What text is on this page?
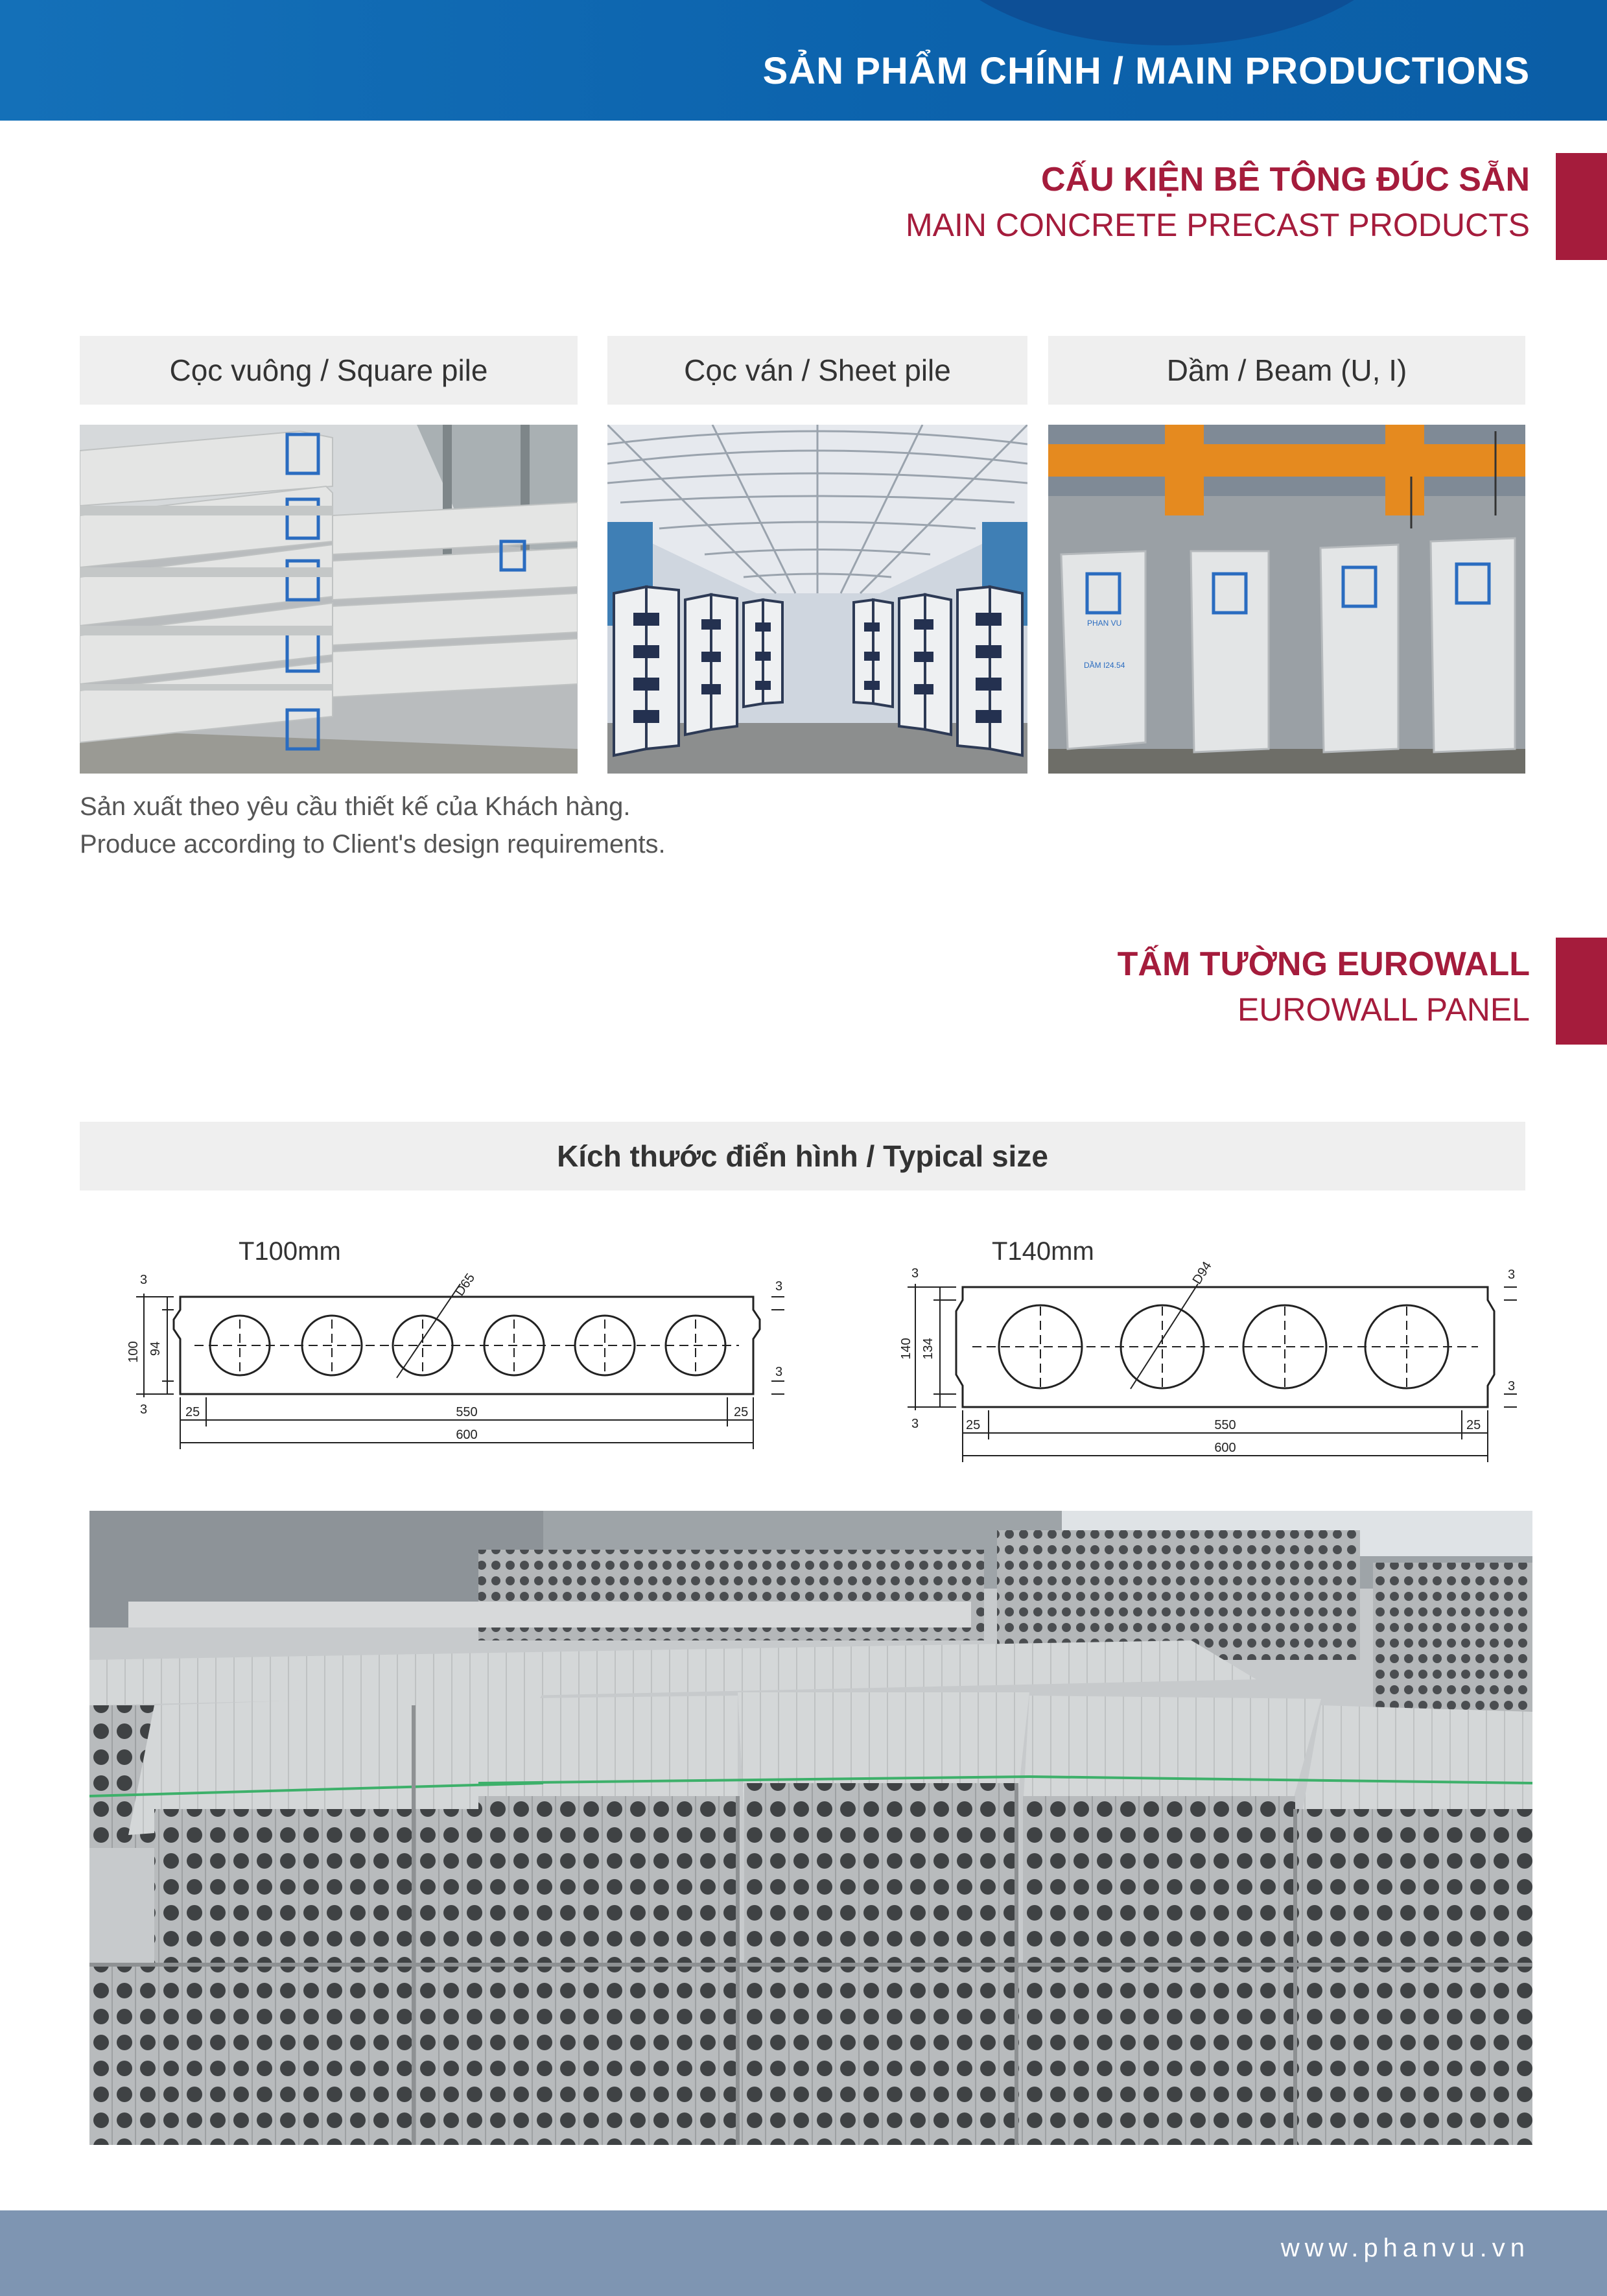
SẢN PHẨM CHÍNH / MAIN PRODUCTIONS
CẤU KIỆN BÊ TÔNG ĐÚC SẴN
MAIN CONCRETE PRECAST PRODUCTS
Cọc vuông / Square pile	Cọc ván / Sheet pile	Dầm / Beam (U, I)
PHAN VU
DẦM I24.54
Sản xuất theo yêu cầu thiết kế của Khách hàng.
Produce according to Client's design requirements.
TẤM TƯỜNG EUROWALL
EUROWALL PANEL
Kích thước điển hình / Typical size
T100mm
100 94
3
3
3
3
25	25
550
600
D65
T140mm
140 134
3
3
3
3
25	25
550
600
D94
www.phanvu.vn
